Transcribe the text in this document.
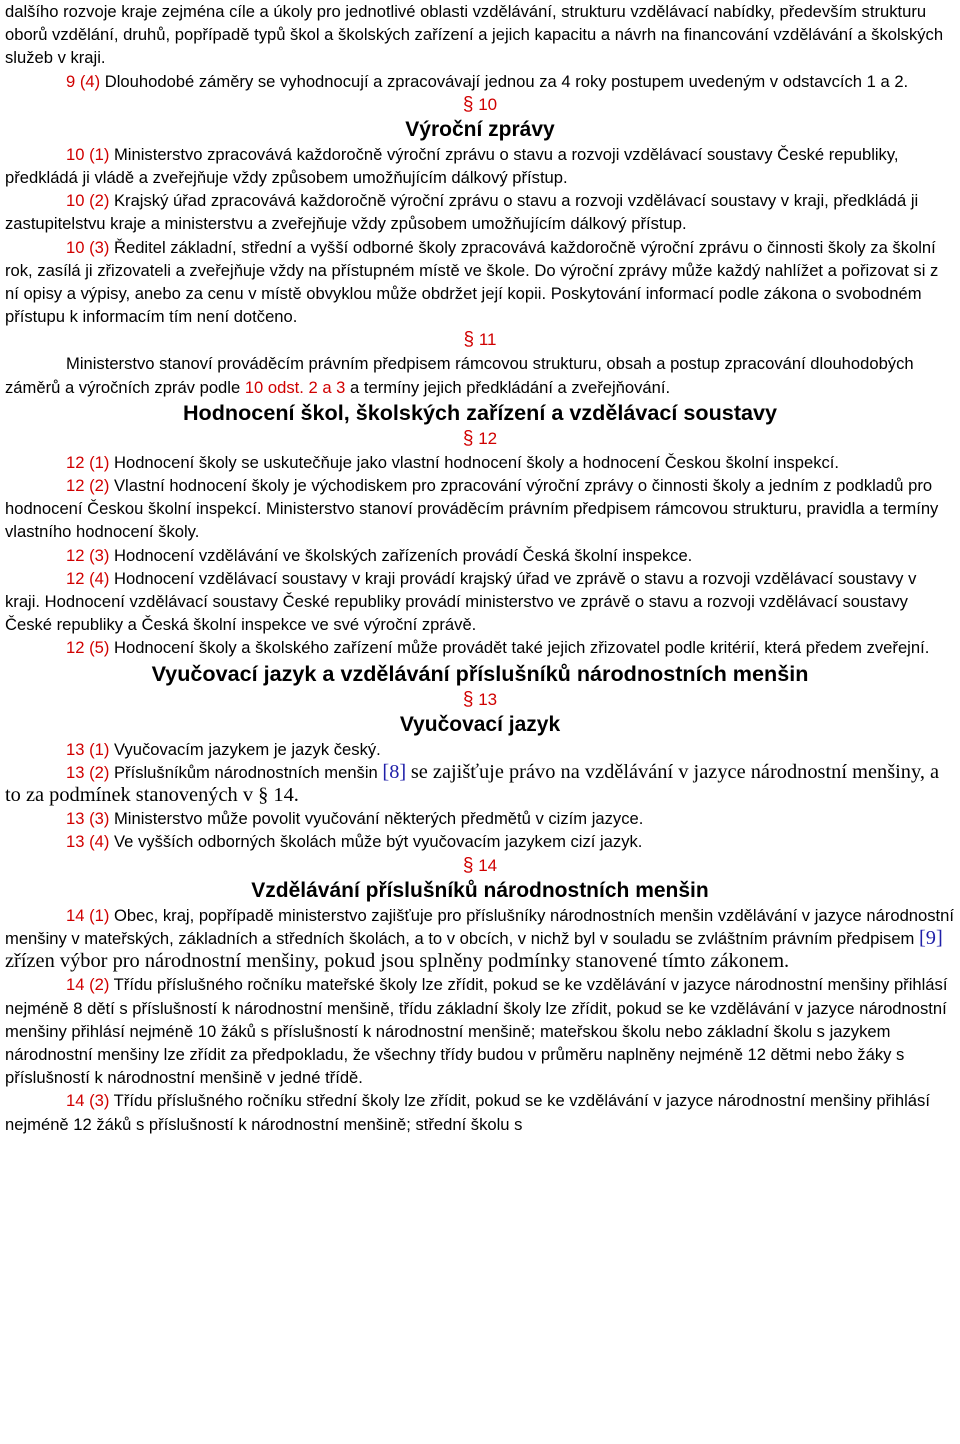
dalšího rozvoje kraje zejména cíle a úkoly pro jednotlivé oblasti vzdělávání, strukturu vzdělávací nabídky, především strukturu oborů vzdělání, druhů, popřípadě typů škol a školských zařízení a jejich kapacitu a návrh na financování vzdělávání a školských služeb v kraji.

9 (4) Dlouhodobé záměry se vyhodnocují a zpracovávají jednou za 4 roky postupem uvedeným v odstavcích 1 a 2.

§ 10
Výroční zprávy

10 (1) Ministerstvo zpracovává každoročně výroční zprávu o stavu a rozvoji vzdělávací soustavy České republiky, předkládá ji vládě a zveřejňuje vždy způsobem umožňujícím dálkový přístup.

10 (2) Krajský úřad zpracovává každoročně výroční zprávu o stavu a rozvoji vzdělávací soustavy v kraji, předkládá ji zastupitelstvu kraje a ministerstvu a zveřejňuje vždy způsobem umožňujícím dálkový přístup.

10 (3) Ředitel základní, střední a vyšší odborné školy zpracovává každoročně výroční zprávu o činnosti školy za školní rok, zasílá ji zřizovateli a zveřejňuje vždy na přístupném místě ve škole. Do výroční zprávy může každý nahlížet a pořizovat si z ní opisy a výpisy, anebo za cenu v místě obvyklou může obdržet její kopii. Poskytování informací podle zákona o svobodném přístupu k informacím tím není dotčeno.

§ 11

Ministerstvo stanoví prováděcím právním předpisem rámcovou strukturu, obsah a postup zpracování dlouhodobých záměrů a výročních zpráv podle 10 odst. 2 a 3 a termíny jejich předkládání a zveřejňování.

Hodnocení škol, školských zařízení a vzdělávací soustavy
§ 12

12 (1) Hodnocení školy se uskutečňuje jako vlastní hodnocení školy a hodnocení Českou školní inspekcí.

12 (2) Vlastní hodnocení školy je východiskem pro zpracování výroční zprávy o činnosti školy a jedním z podkladů pro hodnocení Českou školní inspekcí. Ministerstvo stanoví prováděcím právním předpisem rámcovou strukturu, pravidla a termíny vlastního hodnocení školy.

12 (3) Hodnocení vzdělávání ve školských zařízeních provádí Česká školní inspekce.

12 (4) Hodnocení vzdělávací soustavy v kraji provádí krajský úřad ve zprávě o stavu a rozvoji vzdělávací soustavy v kraji. Hodnocení vzdělávací soustavy České republiky provádí ministerstvo ve zprávě o stavu a rozvoji vzdělávací soustavy České republiky a Česká školní inspekce ve své výroční zprávě.

12 (5) Hodnocení školy a školského zařízení může provádět také jejich zřizovatel podle kritérií, která předem zveřejní.

Vyučovací jazyk a vzdělávání příslušníků národnostních menšin
§ 13
Vyučovací jazyk

13 (1) Vyučovacím jazykem je jazyk český.

13 (2) Příslušníkům národnostních menšin [8] se zajišťuje právo na vzdělávání v jazyce národnostní menšiny, a to za podmínek stanovených v § 14.

13 (3) Ministerstvo může povolit vyučování některých předmětů v cizím jazyce.

13 (4) Ve vyšších odborných školách může být vyučovacím jazykem cizí jazyk.

§ 14
Vzdělávání příslušníků národnostních menšin

14 (1) Obec, kraj, popřípadě ministerstvo zajišťuje pro příslušníky národnostních menšin vzdělávání v jazyce národnostní menšiny v mateřských, základních a středních školách, a to v obcích, v nichž byl v souladu se zvláštním právním předpisem [9] zřízen výbor pro národnostní menšiny, pokud jsou splněny podmínky stanovené tímto zákonem.

14 (2) Třídu příslušného ročníku mateřské školy lze zřídit, pokud se ke vzdělávání v jazyce národnostní menšiny přihlásí nejméně 8 dětí s příslušností k národnostní menšině, třídu základní školy lze zřídit, pokud se ke vzdělávání v jazyce národnostní menšiny přihlásí nejméně 10 žáků s příslušností k národnostní menšině; mateřskou školu nebo základní školu s jazykem národnostní menšiny lze zřídit za předpokladu, že všechny třídy budou v průměru naplněny nejméně 12 dětmi nebo žáky s příslušností k národnostní menšině v jedné třídě.

14 (3) Třídu příslušného ročníku střední školy lze zřídit, pokud se ke vzdělávání v jazyce národnostní menšiny přihlásí nejméně 12 žáků s příslušností k národnostní menšině; střední školu s
